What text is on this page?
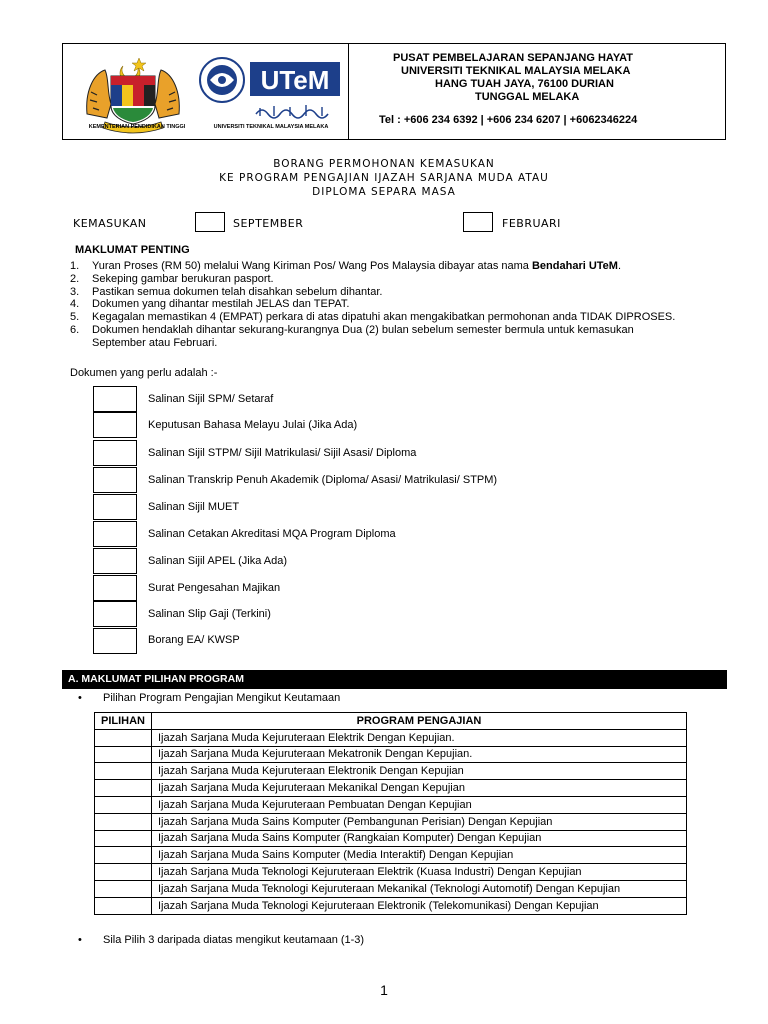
KEMENTERIAN PENDIDIKAN TINGGI
UTeM
UNIVERSITI TEKNIKAL MALAYSIA MELAKA
PUSAT PEMBELAJARAN SEPANJANG HAYAT
UNIVERSITI TEKNIKAL MALAYSIA MELAKA
HANG TUAH JAYA, 76100 DURIAN
TUNGGAL MELAKA
Tel : +606 234 6392 | +606 234 6207 | +6062346224
BORANG PERMOHONAN KEMASUKAN
KE PROGRAM PENGAJIAN IJAZAH SARJANA MUDA ATAU
DIPLOMA SEPARA MASA
KEMASUKAN	SEPTEMBER	FEBRUARI
MAKLUMAT PENTING
1.	Yuran Proses (RM 50) melalui Wang Kiriman Pos/ Wang Pos Malaysia dibayar atas nama Bendahari UTeM.
2.	Sekeping gambar berukuran pasport.
3.	Pastikan semua dokumen telah disahkan sebelum dihantar.
4.	Dokumen yang dihantar mestilah JELAS dan TEPAT.
5.	Kegagalan memastikan 4 (EMPAT) perkara di atas dipatuhi akan mengakibatkan permohonan anda TIDAK DIPROSES.
6.	Dokumen hendaklah dihantar sekurang-kurangnya Dua (2) bulan sebelum semester bermula untuk kemasukan September atau Februari.
Dokumen yang perlu adalah :-
Salinan Sijil SPM/ Setaraf
Keputusan Bahasa Melayu Julai (Jika Ada)
Salinan Sijil STPM/ Sijil Matrikulasi/ Sijil Asasi/ Diploma
Salinan Transkrip Penuh Akademik (Diploma/ Asasi/ Matrikulasi/ STPM)
Salinan Sijil MUET
Salinan Cetakan Akreditasi MQA Program Diploma
Salinan Sijil APEL (Jika Ada)
Surat Pengesahan Majikan
Salinan Slip Gaji (Terkini)
Borang EA/ KWSP
A. MAKLUMAT PILIHAN PROGRAM
• Pilihan Program Pengajian Mengikut Keutamaan
PILIHAN	PROGRAM PENGAJIAN
	Ijazah Sarjana Muda Kejuruteraan Elektrik Dengan Kepujian.
	Ijazah Sarjana Muda Kejuruteraan Mekatronik Dengan Kepujian.
	Ijazah Sarjana Muda Kejuruteraan Elektronik Dengan Kepujian
	Ijazah Sarjana Muda Kejuruteraan Mekanikal Dengan Kepujian
	Ijazah Sarjana Muda Kejuruteraan Pembuatan Dengan Kepujian
	Ijazah Sarjana Muda Sains Komputer (Pembangunan Perisian) Dengan Kepujian
	Ijazah Sarjana Muda Sains Komputer (Rangkaian Komputer) Dengan Kepujian
	Ijazah Sarjana Muda Sains Komputer (Media Interaktif) Dengan Kepujian
	Ijazah Sarjana Muda Teknologi Kejuruteraan Elektrik (Kuasa Industri) Dengan Kepujian
	Ijazah Sarjana Muda Teknologi Kejuruteraan Mekanikal (Teknologi Automotif) Dengan Kepujian
	Ijazah Sarjana Muda Teknologi Kejuruteraan Elektronik (Telekomunikasi) Dengan Kepujian
• Sila Pilih 3 daripada diatas mengikut keutamaan (1-3)
1
